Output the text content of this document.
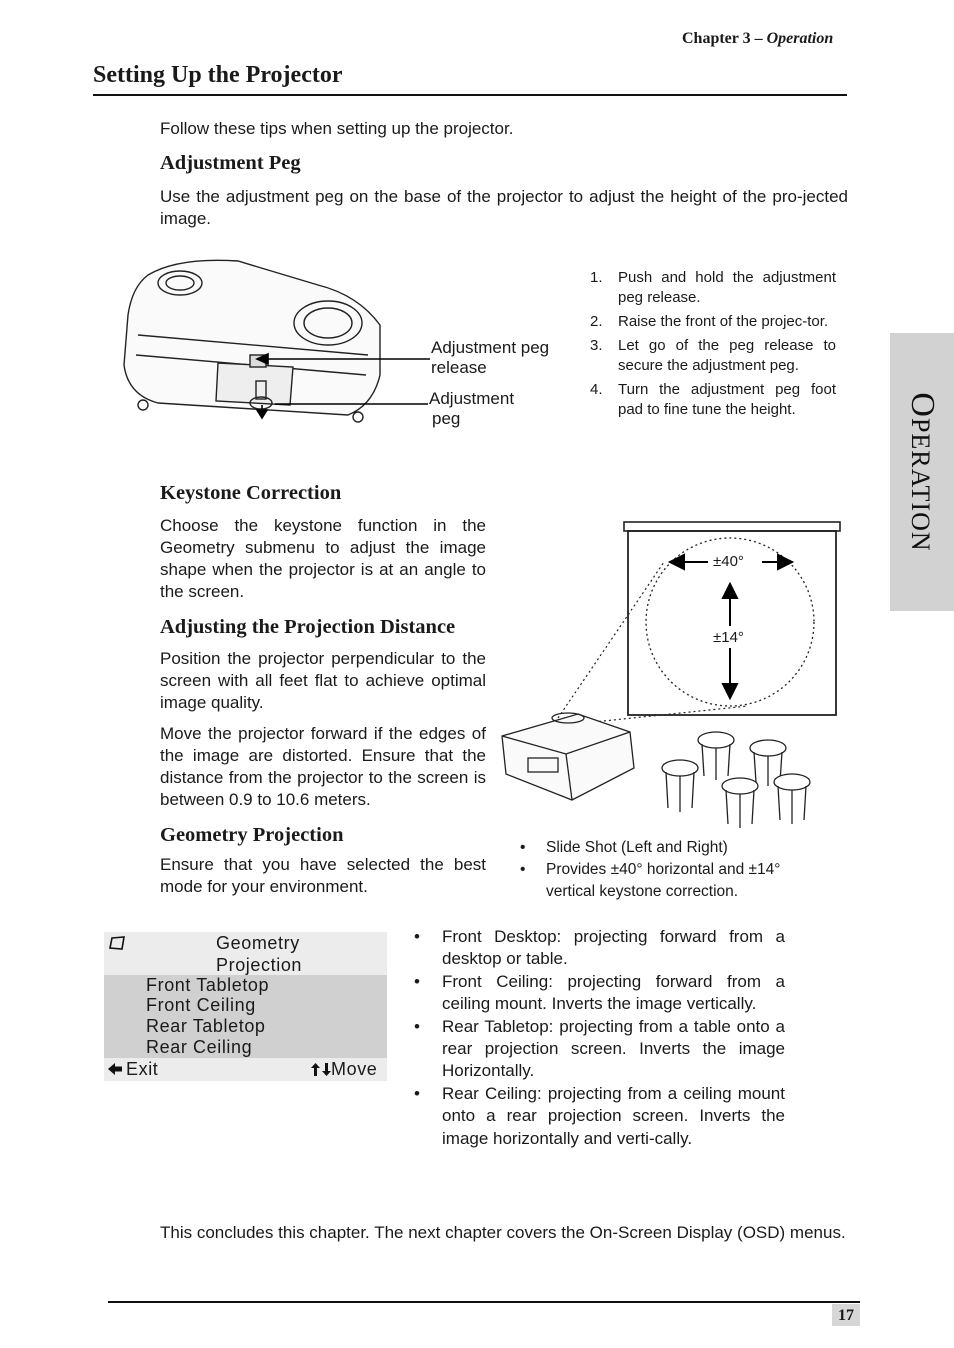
Chapter 3 – Operation
Setting Up the Projector
Follow these tips when setting up the projector.
Adjustment Peg
Use the adjustment peg on the base of the projector to adjust the height of the pro-jected image.
Adjustment peg
release
Adjustment
peg
1. Push and hold the adjustment peg release.
2. Raise the front of the projec-tor.
3. Let go of the peg release to secure the adjustment peg.
4. Turn the adjustment peg foot pad to fine tune the height.	OPERATION
Keystone Correction
Choose the keystone function in the Geometry submenu to adjust the image shape when the projector is at an angle to the screen.
Adjusting the Projection Distance
Position the projector perpendicular to the screen with all feet flat to achieve optimal image quality.
Move the projector forward if the edges of the image are distorted. Ensure that the distance from the projector to the screen is between 0.9 to 10.6 meters.
±40°
±14°
• Slide Shot (Left and Right)
• Provides ±40° horizontal and ±14° vertical keystone correction.
Geometry Projection
Ensure that you have selected the best mode for your environment.
Geometry
Projection
Front Tabletop
Front Ceiling
Rear Tabletop
Rear Ceiling
Exit	Move
• Front Desktop: projecting forward from a desktop or table.
• Front Ceiling: projecting forward from a ceiling mount. Inverts the image vertically.
• Rear Tabletop: projecting from a table onto a rear projection screen. Inverts the image Horizontally.
• Rear Ceiling: projecting from a ceiling mount onto a rear projection screen. Inverts the image horizontally and verti-cally.
This concludes this chapter. The next chapter covers the On-Screen Display (OSD) menus.
17
